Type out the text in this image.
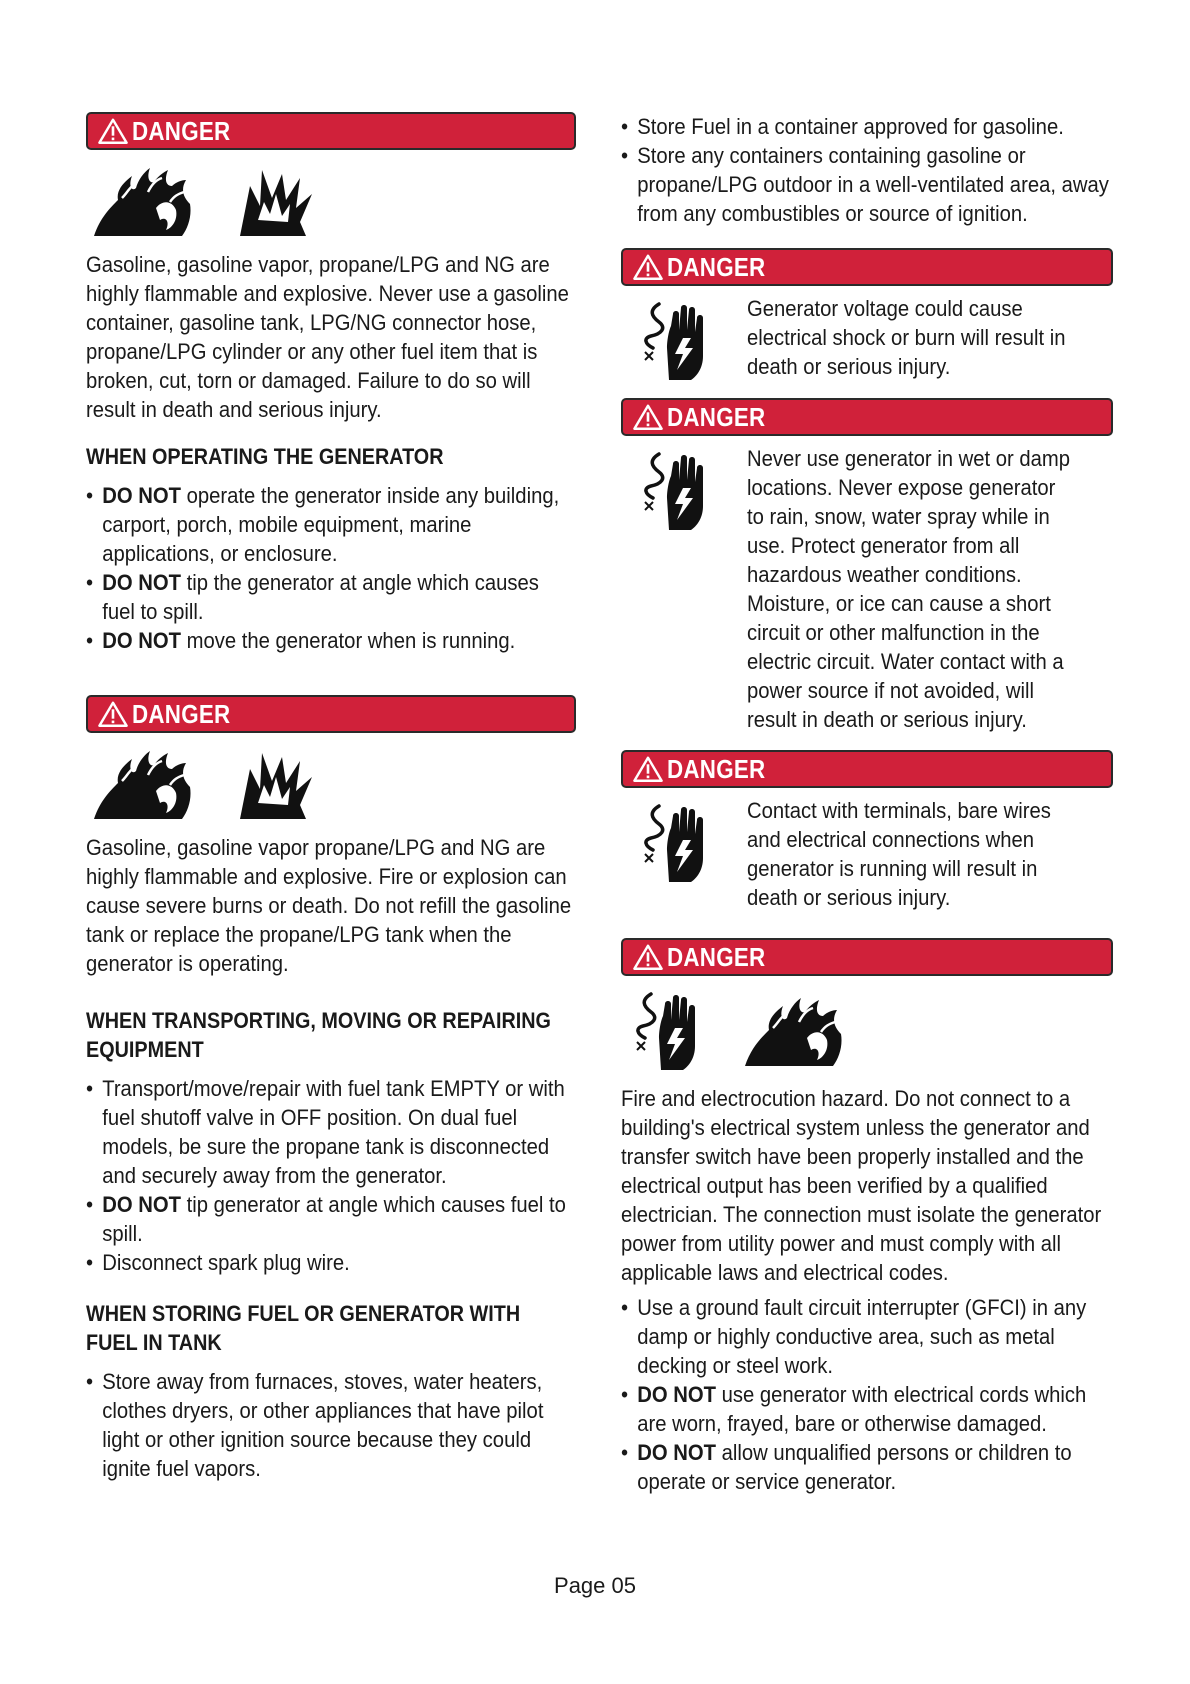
DANGER

Gasoline, gasoline vapor, propane/LPG and NG are highly flammable and explosive. Never use a gasoline container, gasoline tank, LPG/NG connector hose, propane/LPG cylinder or any other fuel item that is broken, cut, torn or damaged. Failure to do so will result in death and serious injury.

WHEN OPERATING THE GENERATOR
• DO NOT operate the generator inside any building, carport, porch, mobile equipment, marine applications, or enclosure.
• DO NOT tip the generator at angle which causes fuel to spill.
• DO NOT move the generator when is running.
DANGER

Gasoline, gasoline vapor propane/LPG and NG are highly flammable and explosive. Fire or explosion can cause severe burns or death. Do not refill the gasoline tank or replace the propane/LPG tank when the generator is operating.

WHEN TRANSPORTING, MOVING OR REPAIRING EQUIPMENT
• Transport/move/repair with fuel tank EMPTY or with fuel shutoff valve in OFF position. On dual fuel models, be sure the propane tank is disconnected and securely away from the generator.
• DO NOT tip generator at angle which causes fuel to spill.
• Disconnect spark plug wire.
WHEN STORING FUEL OR GENERATOR WITH FUEL IN TANK
• Store away from furnaces, stoves, water heaters, clothes dryers, or other appliances that have pilot light or other ignition source because they could ignite fuel vapors.
• Store Fuel in a container approved for gasoline.
• Store any containers containing gasoline or propane/LPG outdoor in a well-ventilated area, away from any combustibles or source of ignition.
DANGER

Generator voltage could cause electrical shock or burn will result in death or serious injury.

DANGER

Never use generator in wet or damp locations. Never expose generator to rain, snow, water spray while in use. Protect generator from all hazardous weather conditions. Moisture, or ice can cause a short circuit or other malfunction in the electric circuit. Water contact with a power source if not avoided, will result in death or serious injury.

DANGER

Contact with terminals, bare wires and electrical connections when generator is running will result in death or serious injury.

DANGER

Fire and electrocution hazard. Do not connect to a building's electrical system unless the generator and transfer switch have been properly installed and the electrical output has been verified by a qualified electrician. The connection must isolate the generator power from utility power and must comply with all applicable laws and electrical codes.

• Use a ground fault circuit interrupter (GFCI) in any damp or highly conductive area, such as metal decking or steel work.
• DO NOT use generator with electrical cords which are worn, frayed, bare or otherwise damaged.
• DO NOT allow unqualified persons or children to operate or service generator.
Page 05
